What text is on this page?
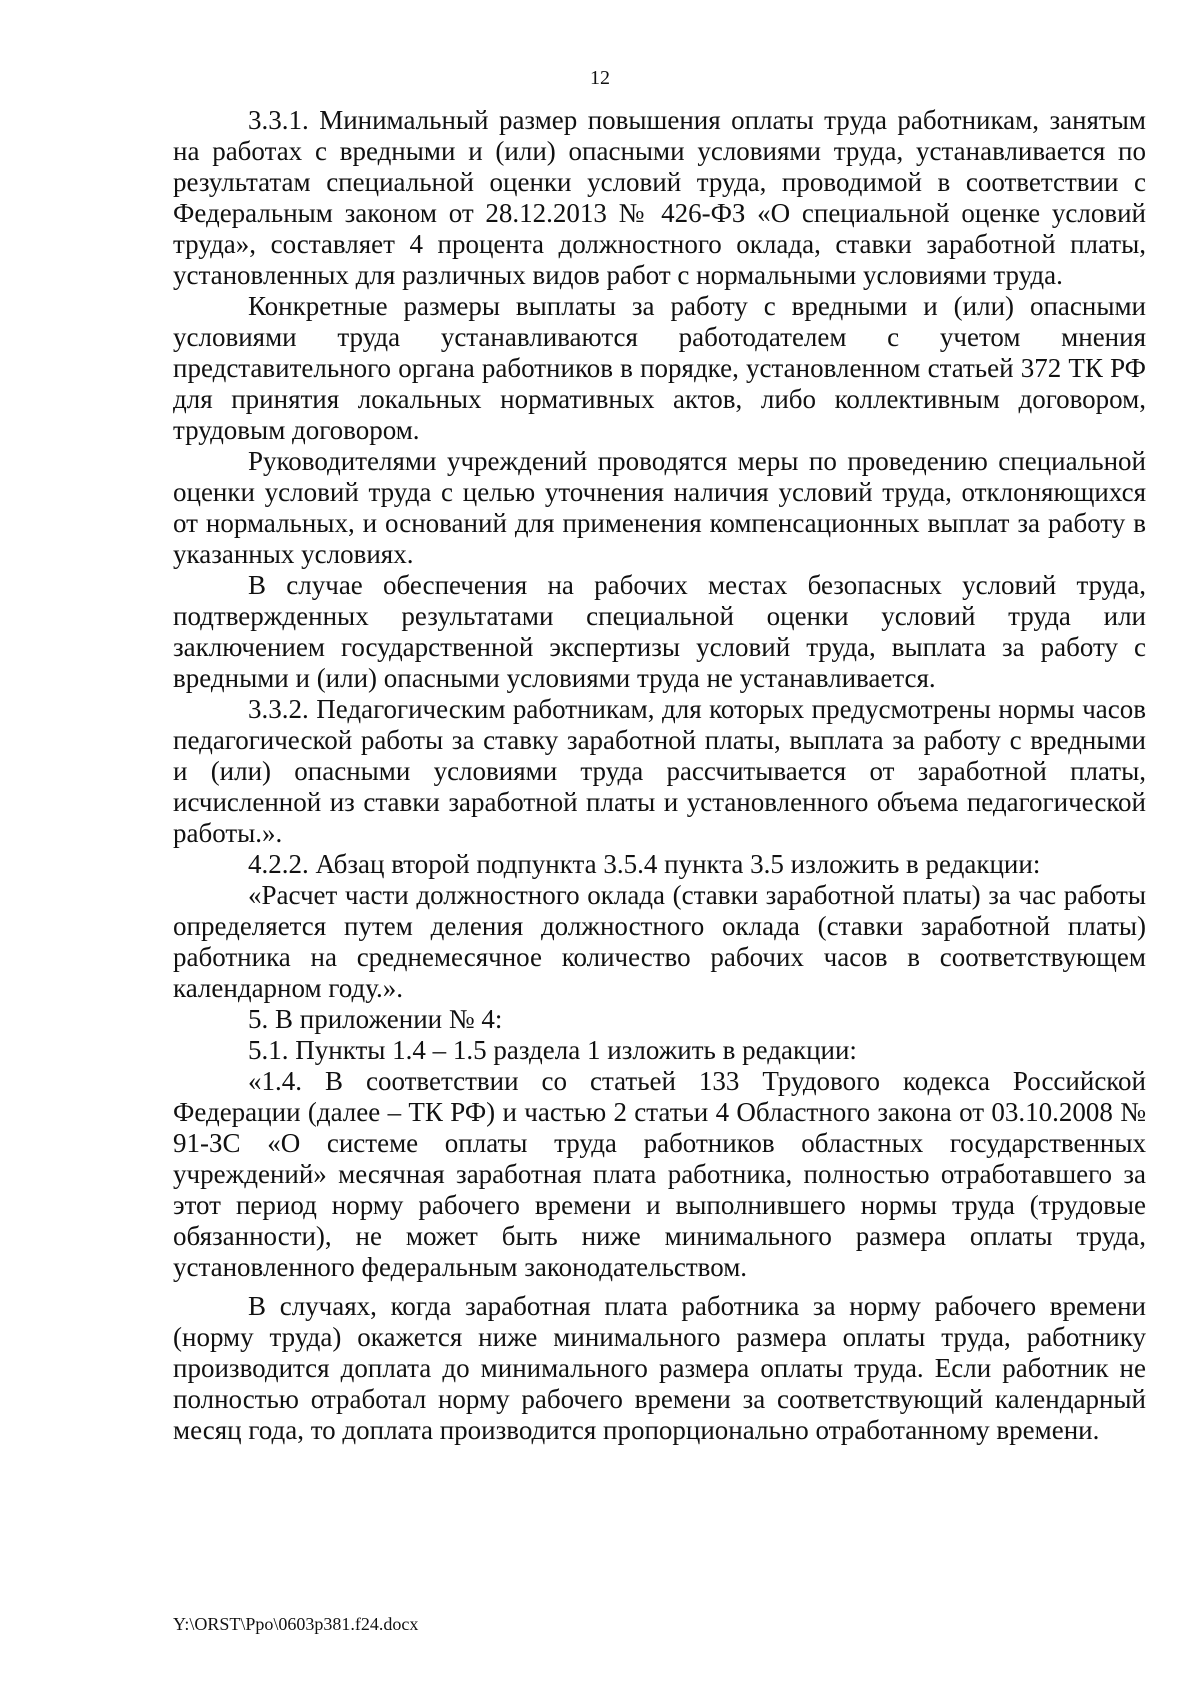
12

3.3.1. Минимальный размер повышения оплаты труда работникам, занятым на работах с вредными и (или) опасными условиями труда, устанавливается по результатам специальной оценки условий труда, проводимой в соответствии с Федеральным законом от 28.12.2013 № 426-ФЗ «О специальной оценке условий труда», составляет 4 процента должностного оклада, ставки заработной платы, установленных для различных видов работ с нормальными условиями труда.

Конкретные размеры выплаты за работу с вредными и (или) опасными условиями труда устанавливаются работодателем с учетом мнения представительного органа работников в порядке, установленном статьей 372 ТК РФ для принятия локальных нормативных актов, либо коллективным договором, трудовым договором.

Руководителями учреждений проводятся меры по проведению специальной оценки условий труда с целью уточнения наличия условий труда, отклоняющихся от нормальных, и оснований для применения компенсационных выплат за работу в указанных условиях.

В случае обеспечения на рабочих местах безопасных условий труда, подтвержденных результатами специальной оценки условий труда или заключением государственной экспертизы условий труда, выплата за работу с вредными и (или) опасными условиями труда не устанавливается.

3.3.2. Педагогическим работникам, для которых предусмотрены нормы часов педагогической работы за ставку заработной платы, выплата за работу с вредными и (или) опасными условиями труда рассчитывается от заработной платы, исчисленной из ставки заработной платы и установленного объема педагогической работы.».

4.2.2. Абзац второй подпункта 3.5.4 пункта 3.5 изложить в редакции:

«Расчет части должностного оклада (ставки заработной платы) за час работы определяется путем деления должностного оклада (ставки заработной платы) работника на среднемесячное количество рабочих часов в соответствующем календарном году.».

5. В приложении № 4:

5.1. Пункты 1.4 – 1.5 раздела 1 изложить в редакции:

«1.4. В соответствии со статьей 133 Трудового кодекса Российской Федерации (далее – ТК РФ) и частью 2 статьи 4 Областного закона от 03.10.2008 № 91-ЗС «О системе оплаты труда работников областных государственных учреждений» месячная заработная плата работника, полностью отработавшего за этот период норму рабочего времени и выполнившего нормы труда (трудовые обязанности), не может быть ниже минимального размера оплаты труда, установленного федеральным законодательством.

В случаях, когда заработная плата работника за норму рабочего времени (норму труда) окажется ниже минимального размера оплаты труда, работнику производится доплата до минимального размера оплаты труда. Если работник не полностью отработал норму рабочего времени за соответствующий календарный месяц года, то доплата производится пропорционально отработанному времени.

Y:\ORST\Ppo\0603p381.f24.docx
